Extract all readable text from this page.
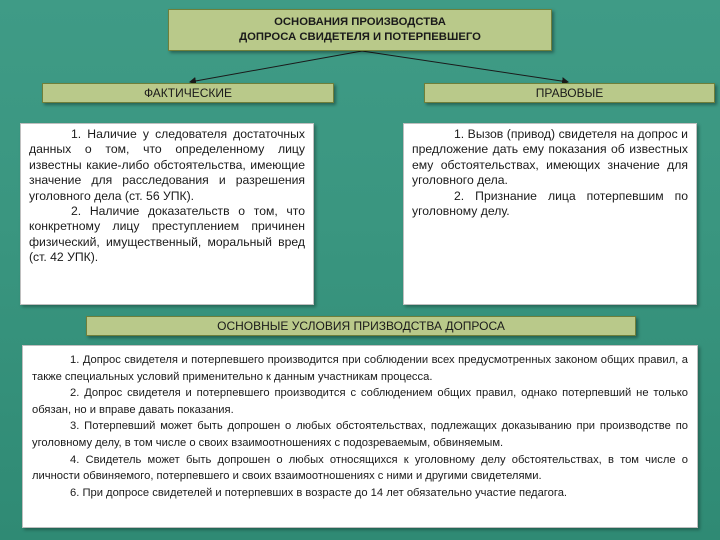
ОСНОВАНИЯ ПРОИЗВОДСТВА
ДОПРОСА СВИДЕТЕЛЯ И ПОТЕРПЕВШЕГО
ФАКТИЧЕСКИЕ	ПРАВОВЫЕ

1. Наличие у следователя достаточных данных о том, что определенному лицу известны какие-либо обстоятельства, имеющие значение для расследования и разрешения уголовного дела (ст. 56 УПК).

2. Наличие доказательств о том, что конкретному лицу преступлением причинен физический, имущественный, моральный вред (ст. 42 УПК).

1. Вызов (привод) свидетеля на допрос и предложение дать ему показания об известных ему обстоятельствах, имеющих значение для уголовного дела.

2. Признание лица потерпевшим по уголовному делу.

ОСНОВНЫЕ УСЛОВИЯ ПРИЗВОДСТВА ДОПРОСА

1. Допрос свидетеля и потерпевшего производится при соблюдении всех предусмотренных законом общих правил, а также специальных условий применительно к данным участникам процесса.

2. Допрос свидетеля и потерпевшего производится с соблюдением общих правил, однако потерпевший не только обязан, но и вправе давать показания.

3. Потерпевший может быть допрошен о любых обстоятельствах, подлежащих доказыванию при производстве по уголовному делу, в том числе о своих взаимоотношениях с подозреваемым, обвиняемым.

4. Свидетель может быть допрошен о любых относящихся к уголовному делу обстоятельствах, в том числе о личности обвиняемого, потерпевшего и своих взаимоотношениях с ними и другими свидетелями.

6. При допросе свидетелей и потерпевших в возрасте до 14 лет обязательно участие педагога.
